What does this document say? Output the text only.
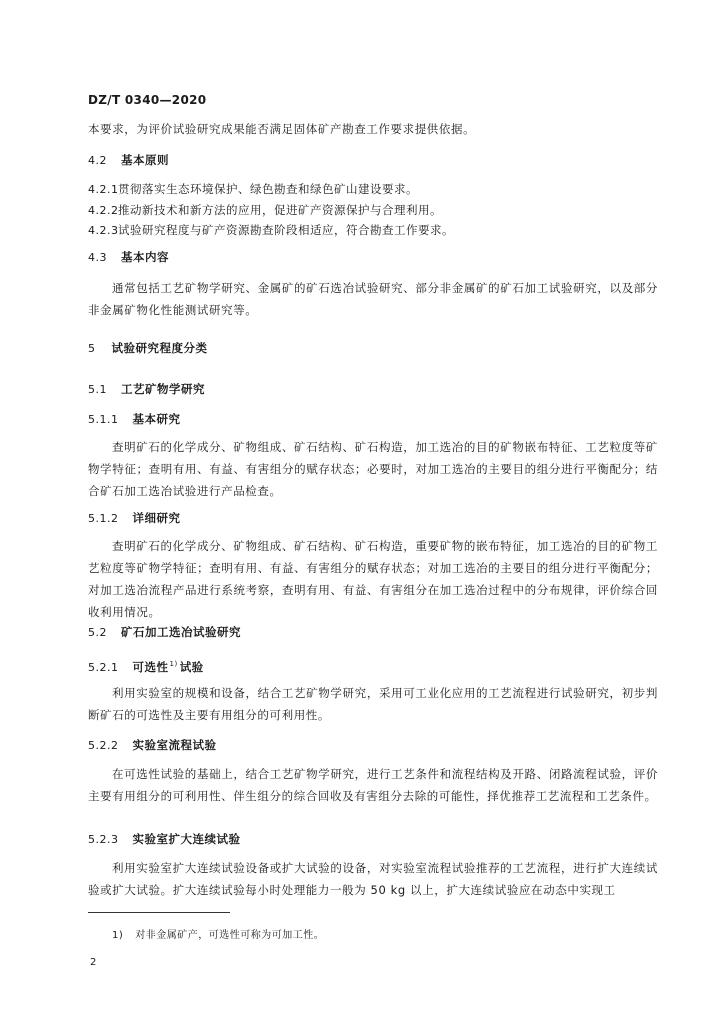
DZ/T 0340—2020
本要求，为评价试验研究成果能否满足固体矿产勘查工作要求提供依据。
4.2 基本原则
4.2.1贯彻落实生态环境保护、绿色勘查和绿色矿山建设要求。
4.2.2推动新技术和新方法的应用，促进矿产资源保护与合理利用。
4.2.3试验研究程度与矿产资源勘查阶段相适应，符合勘查工作要求。
4.3 基本内容
通常包括工艺矿物学研究、金属矿的矿石选冶试验研究、部分非金属矿的矿石加工试验研究，以及部分非金属矿物化性能测试研究等。
5 试验研究程度分类
5.1 工艺矿物学研究
5.1.1 基本研究
查明矿石的化学成分、矿物组成、矿石结构、矿石构造，加工选冶的目的矿物嵌布特征、工艺粒度等矿物学特征；查明有用、有益、有害组分的赋存状态；必要时，对加工选冶的主要目的组分进行平衡配分；结合矿石加工选冶试验进行产品检查。
5.1.2 详细研究
查明矿石的化学成分、矿物组成、矿石结构、矿石构造，重要矿物的嵌布特征，加工选冶的目的矿物工艺粒度等矿物学特征；查明有用、有益、有害组分的赋存状态；对加工选冶的主要目的组分进行平衡配分；对加工选冶流程产品进行系统考察，查明有用、有益、有害组分在加工选冶过程中的分布规律，评价综合回收利用情况。
5.2 矿石加工选冶试验研究
5.2.1 可选性$^{1)}$ 试验
利用实验室的规模和设备，结合工艺矿物学研究，采用可工业化应用的工艺流程进行试验研究，初步判断矿石的可选性及主要有用组分的可利用性。
5.2.2 实验室流程试验
在可选性试验的基础上，结合工艺矿物学研究，进行工艺条件和流程结构及开路、闭路流程试验，评价主要有用组分的可利用性、伴生组分的综合回收及有害组分去除的可能性，择优推荐工艺流程和工艺条件。
5.2.3 实验室扩大连续试验
利用实验室扩大连续试验设备或扩大试验的设备，对实验室流程试验推荐的工艺流程，进行扩大连续试验或扩大试验。扩大连续试验每小时处理能力一般为 50 kg 以上，扩大连续试验应在动态中实现工
1) 对非金属矿产，可选性可称为可加工性。
2
